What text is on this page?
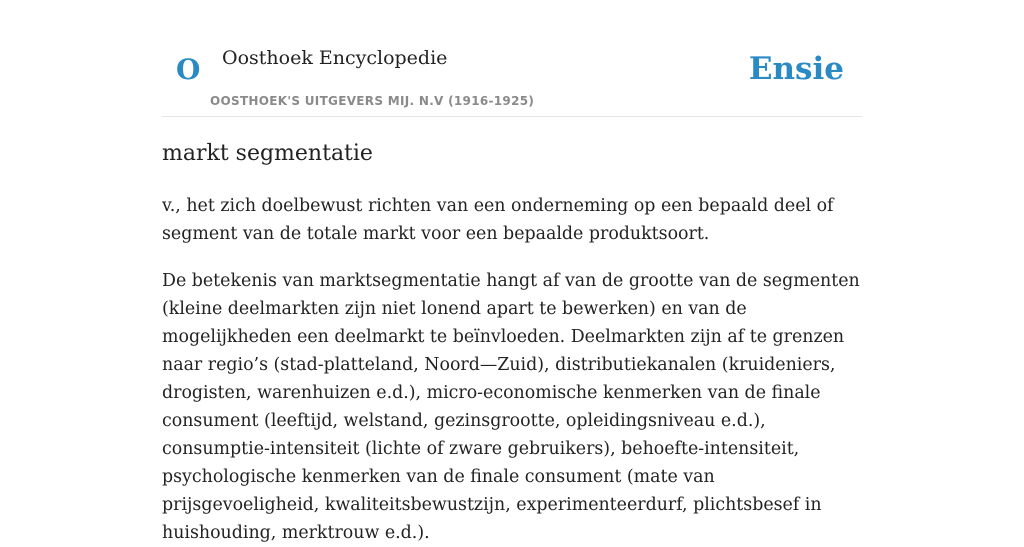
O Oosthoek Encyclopedie
OOSTHOEK'S UITGEVERS MIJ. N.V (1916-1925)
Ensie
markt segmentatie

v., het zich doelbewust richten van een onderneming op een bepaald deel of segment van de totale markt voor een bepaalde produktsoort.

De betekenis van marktsegmentatie hangt af van de grootte van de segmenten (kleine deelmarkten zijn niet lonend apart te bewerken) en van de mogelijkheden een deelmarkt te beïnvloeden. Deelmarkten zijn af te grenzen naar regio’s (stad-platteland, Noord—Zuid), distributiekanalen (kruideniers, drogisten, warenhuizen e.d.), micro-economische kenmerken van de finale consument (leeftijd, welstand, gezinsgrootte, opleidingsniveau e.d.), consumptie-intensiteit (lichte of zware gebruikers), behoefte-intensiteit, psychologische kenmerken van de finale consument (mate van prijsgevoeligheid, kwaliteitsbewustzijn, experimenteerdurf, plichtsbesef in huishouding, merktrouw e.d.).
